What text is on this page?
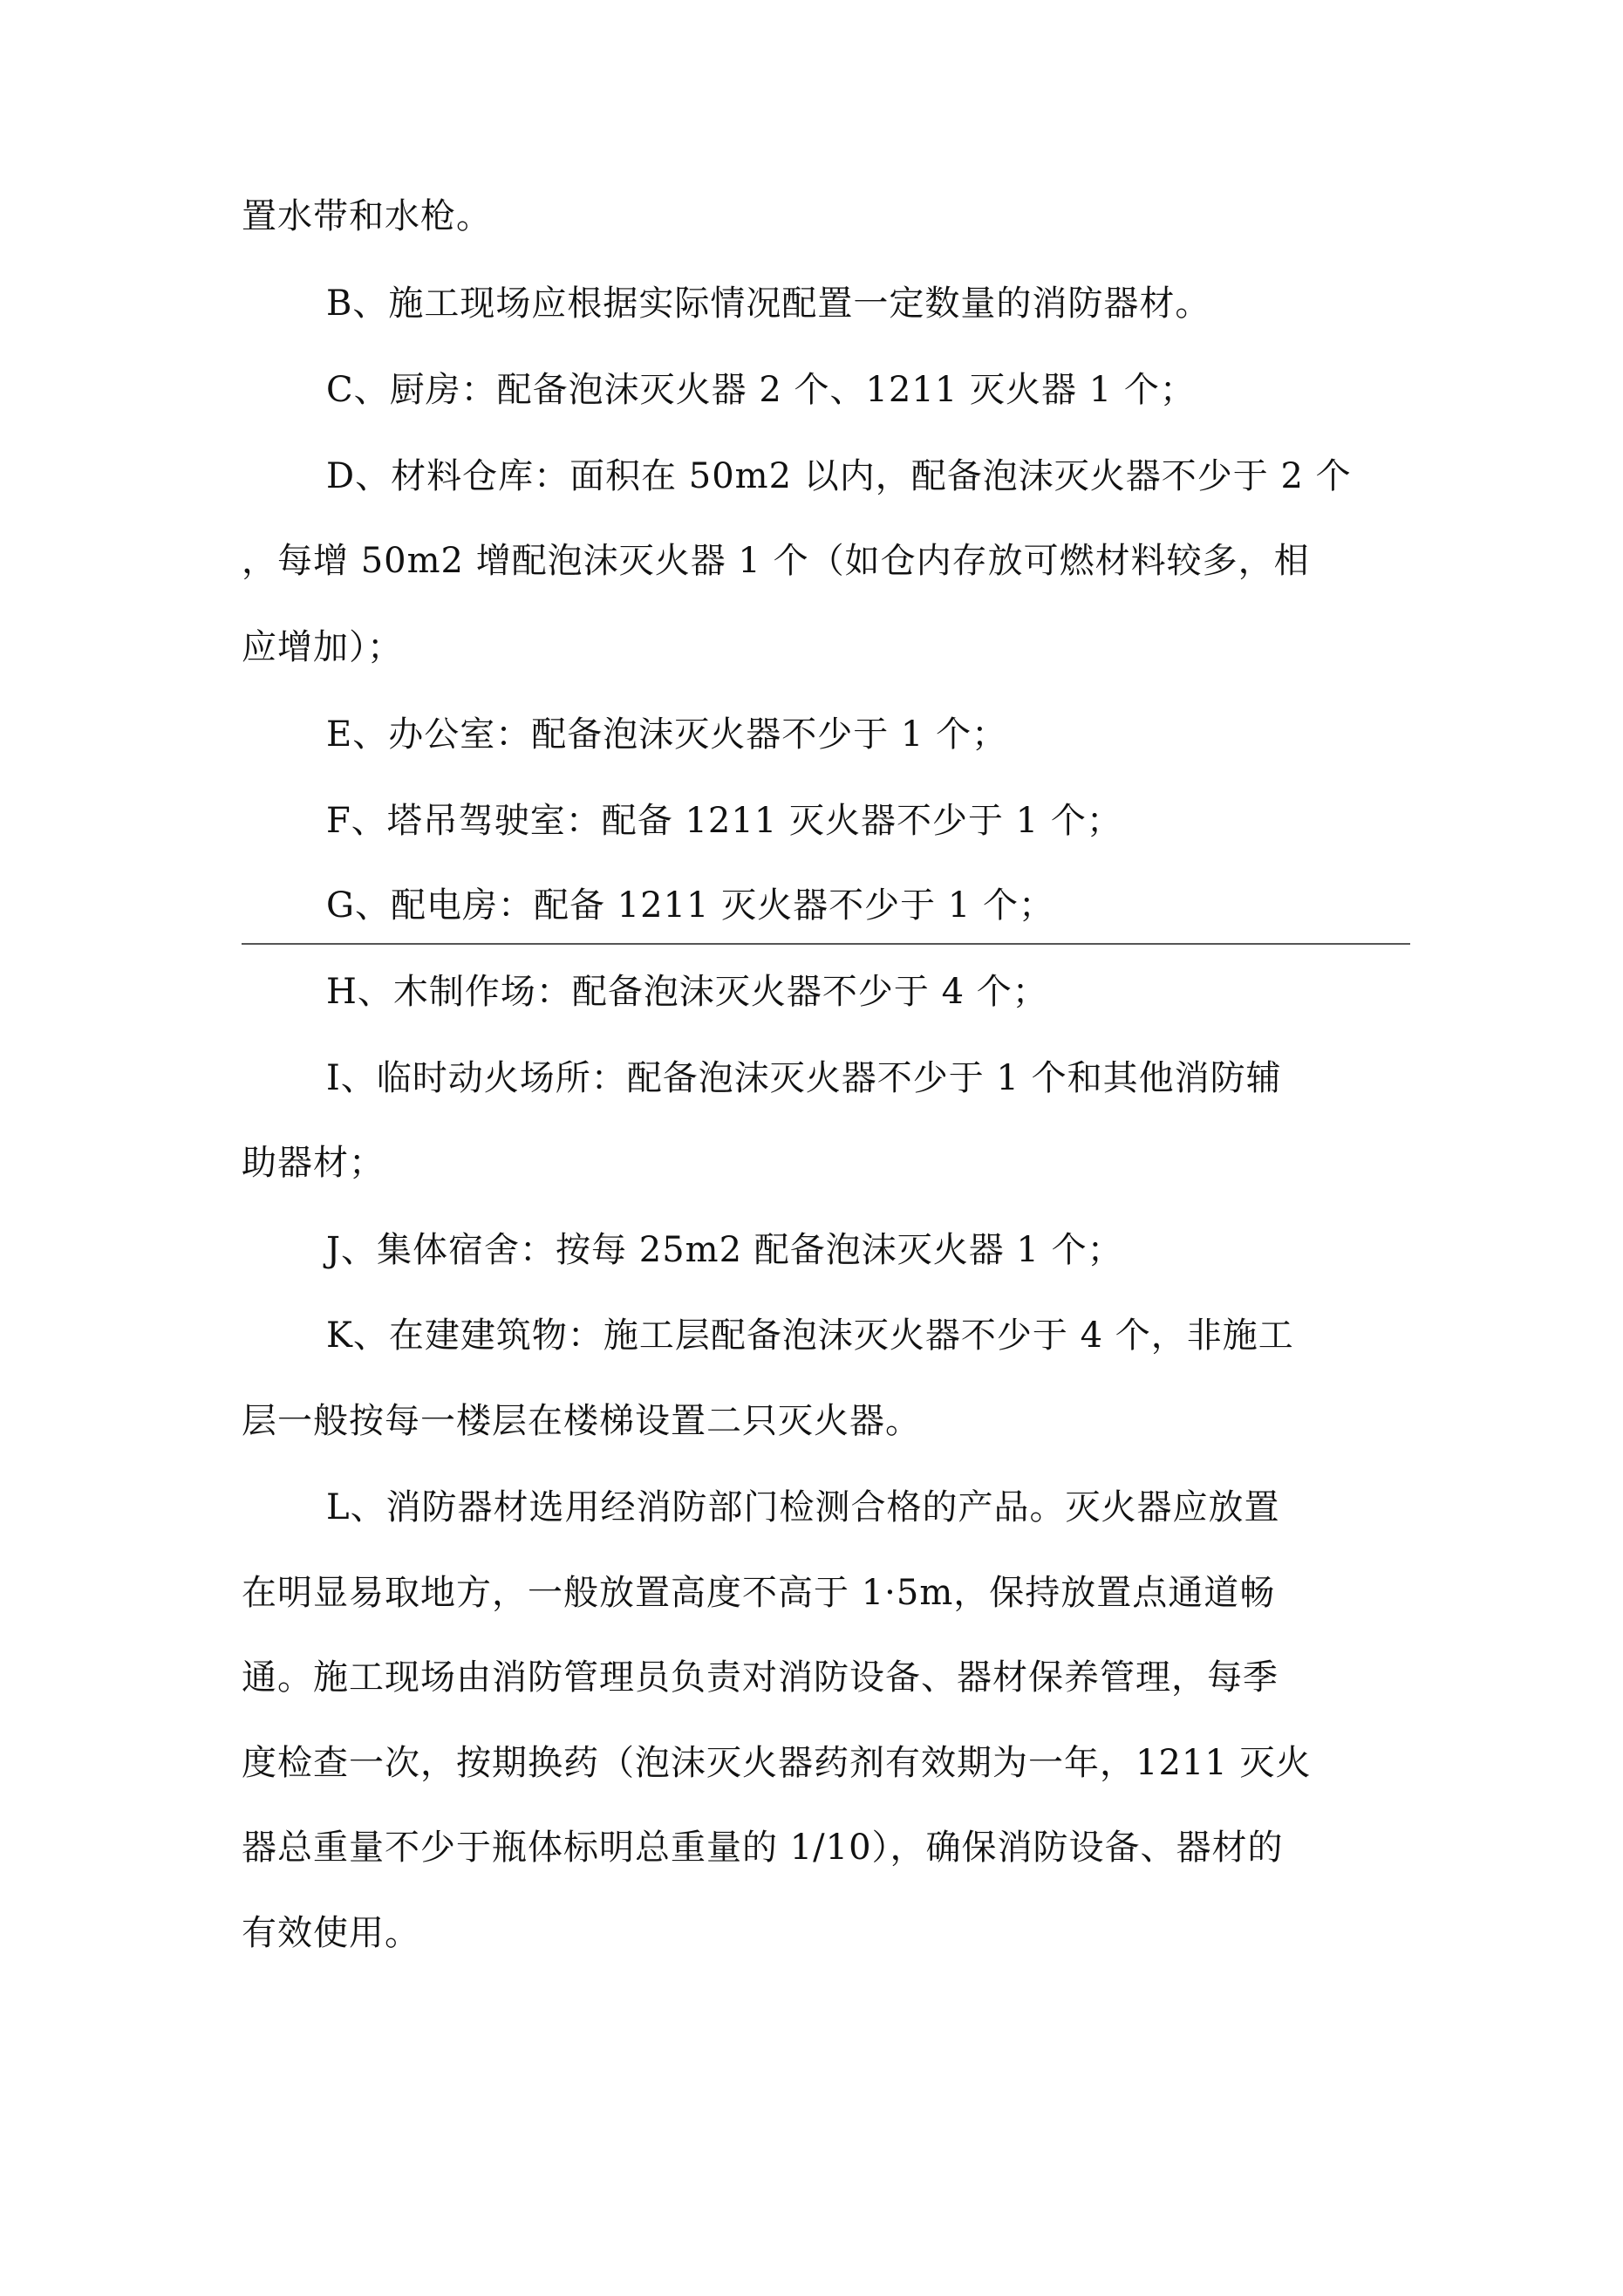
置水带和水枪。
B、施工现场应根据实际情况配置一定数量的消防器材。
C、厨房：配备泡沫灭火器 2 个、1211 灭火器 1 个；
D、材料仓库：面积在 50m2 以内，配备泡沫灭火器不少于 2 个
，每增 50m2 增配泡沫灭火器 1 个（如仓内存放可燃材料较多，相
应增加）；
E、办公室：配备泡沫灭火器不少于 1 个；
F、塔吊驾驶室：配备 1211 灭火器不少于 1 个；
G、配电房：配备 1211 灭火器不少于 1 个；
H、木制作场：配备泡沫灭火器不少于 4 个；
I、临时动火场所：配备泡沫灭火器不少于 1 个和其他消防辅
助器材；
J、集体宿舍：按每 25m2 配备泡沫灭火器 1 个；
K、在建建筑物：施工层配备泡沫灭火器不少于 4 个，非施工
层一般按每一楼层在楼梯设置二只灭火器。
L、消防器材选用经消防部门检测合格的产品。灭火器应放置
在明显易取地方，一般放置高度不高于 1·5m，保持放置点通道畅
通。施工现场由消防管理员负责对消防设备、器材保养管理，每季
度检查一次，按期换药（泡沫灭火器药剂有效期为一年，1211 灭火
器总重量不少于瓶体标明总重量的 1/10），确保消防设备、器材的
有效使用。
